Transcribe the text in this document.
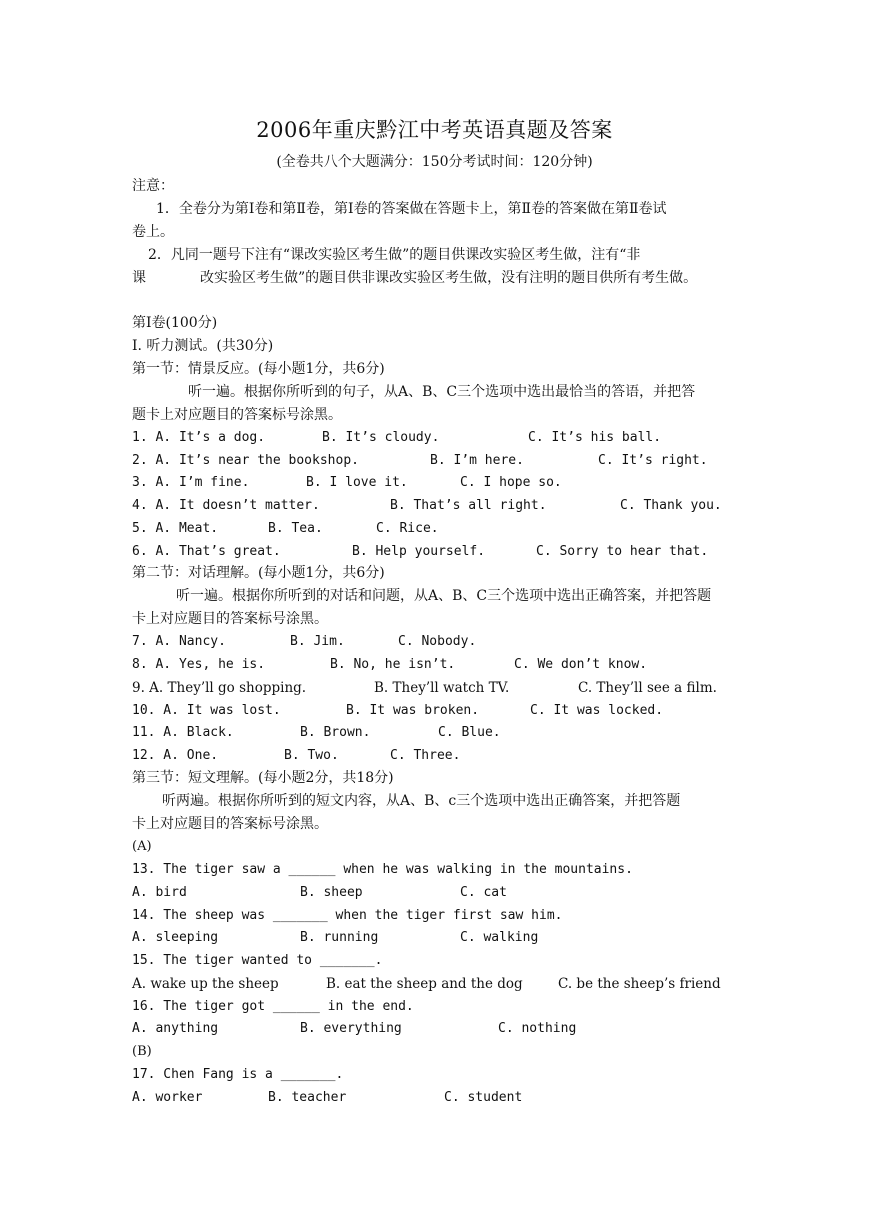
2006年重庆黔江中考英语真题及答案
(全卷共八个大题满分：150分考试时间：120分钟)
注意：
1．全卷分为第Ⅰ卷和第Ⅱ卷，第Ⅰ卷的答案做在答题卡上，第Ⅱ卷的答案做在第Ⅱ卷试
卷上。
2．凡同一题号下注有“课改实验区考生做”的题目供课改实验区考生做，注有“非
课	改实验区考生做”的题目供非课改实验区考生做，没有注明的题目供所有考生做。
第Ⅰ卷(100分)
Ⅰ. 听力测试。(共30分)
第一节：情景反应。(每小题1分，共6分)
听一遍。根据你所听到的句子，从A、B、C三个选项中选出最恰当的答语，并把答
题卡上对应题目的答案标号涂黑。
1. A. It’s a dog.	B. It’s cloudy.	C. It’s his ball.
2. A. It’s near the bookshop.	B. I’m here.	C. It’s right.
3. A. I’m fine.	B. I love it.	C. I hope so.
4. A. It doesn’t matter.	B. That’s all right.	C. Thank you.
5. A. Meat.	B. Tea.	C. Rice.
6. A. That’s great.	B. Help yourself.	C. Sorry to hear that.
第二节：对话理解。(每小题1分，共6分)
听一遍。根据你所听到的对话和问题，从A、B、C三个选项中选出正确答案，并把答题
卡上对应题目的答案标号涂黑。
7. A. Nancy.	B. Jim.	C. Nobody.
8. A. Yes, he is.	B. No, he isn’t.	C. We don’t know.
9. A. They’ll go shopping.	B. They’ll watch TV.	C. They’ll see a film.
10. A. It was lost.	B. It was broken.	C. It was locked.
11. A. Black.	B. Brown.	C. Blue.
12. A. One.	B. Two.	C. Three.
第三节：短文理解。(每小题2分，共18分)
听两遍。根据你所听到的短文内容，从A、B、c三个选项中选出正确答案，并把答题
卡上对应题目的答案标号涂黑。
(A)
13. The tiger saw a ______ when he was walking in the mountains.
A. bird	B. sheep	C. cat
14. The sheep was _______ when the tiger first saw him.
A. sleeping	B. running	C. walking
15. The tiger wanted to _______.
A. wake up the sheep	B. eat the sheep and the dog	C. be the sheep’s friend
16. The tiger got ______ in the end.
A. anything	B. everything	C. nothing
(B)
17. Chen Fang is a _______.
A. worker	B. teacher	C. student
